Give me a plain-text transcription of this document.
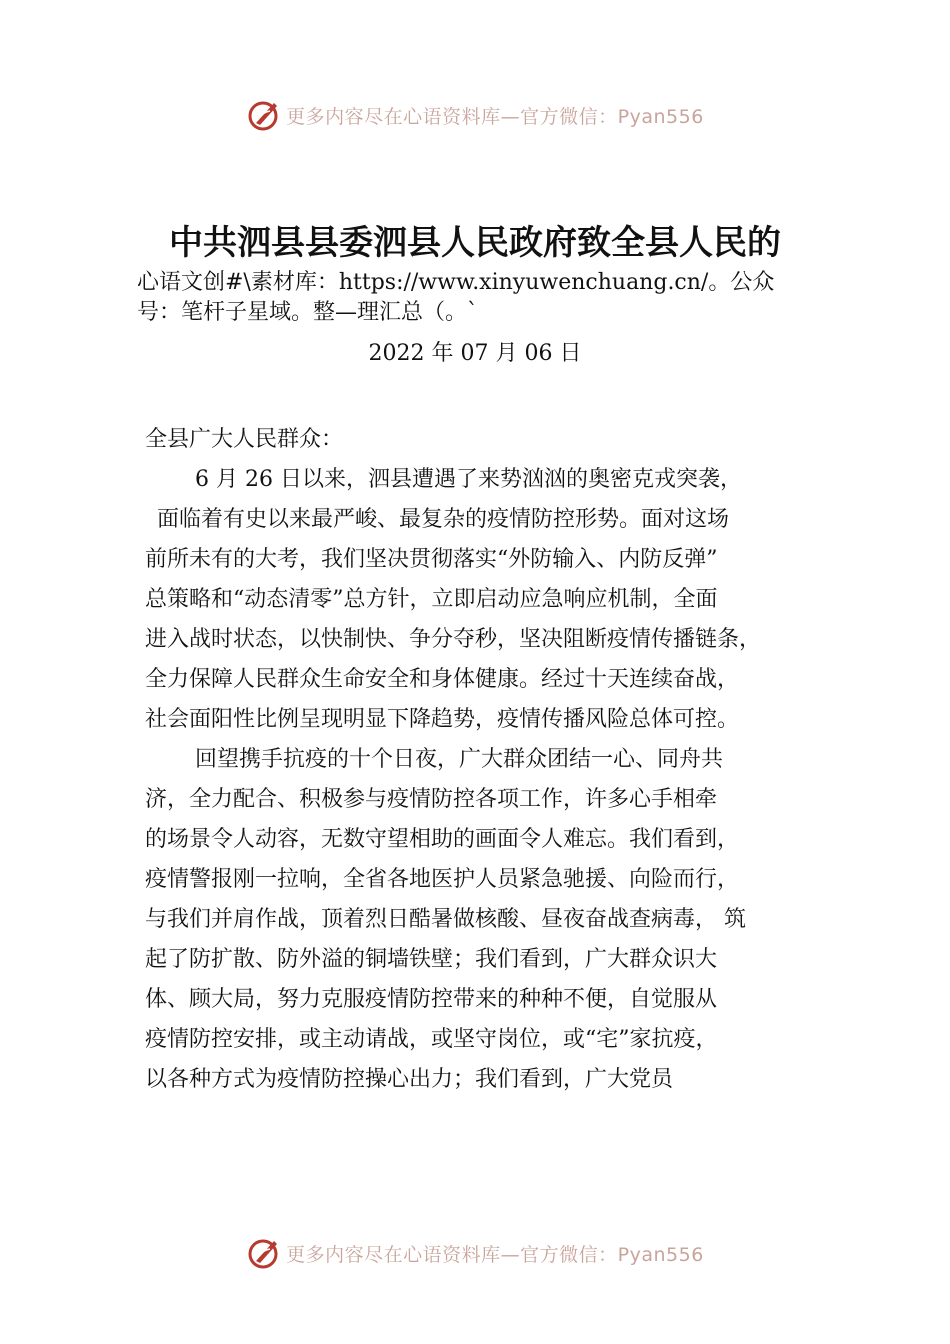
更多内容尽在心语资料库—官方微信：Pyan556
中共泗县县委泗县人民政府致全县人民的
心语文创#\素材库：https://www.xinyuwenchuang.cn/。公众
号：笔杆子星域。整—理汇总（。`
2022 年 07 月 06 日
全县广大人民群众：
6 月 26 日以来，泗县遭遇了来势汹汹的奥密克戎突袭，
面临着有史以来最严峻、最复杂的疫情防控形势。面对这场
前所未有的大考，我们坚决贯彻落实“外防输入、内防反弹”
总策略和“动态清零”总方针，立即启动应急响应机制，全面
进入战时状态，以快制快、争分夺秒，坚决阻断疫情传播链条，
全力保障人民群众生命安全和身体健康。经过十天连续奋战，
社会面阳性比例呈现明显下降趋势，疫情传播风险总体可控。
回望携手抗疫的十个日夜，广大群众团结一心、同舟共
济，全力配合、积极参与疫情防控各项工作，许多心手相牵
的场景令人动容，无数守望相助的画面令人难忘。我们看到，
疫情警报刚一拉响，全省各地医护人员紧急驰援、向险而行，
与我们并肩作战，顶着烈日酷暑做核酸、昼夜奋战查病毒， 筑
起了防扩散、防外溢的铜墙铁壁；我们看到，广大群众识大
体、顾大局，努力克服疫情防控带来的种种不便，自觉服从
疫情防控安排，或主动请战，或坚守岗位，或“宅”家抗疫，
以各种方式为疫情防控操心出力；我们看到，广大党员
更多内容尽在心语资料库—官方微信：Pyan556
